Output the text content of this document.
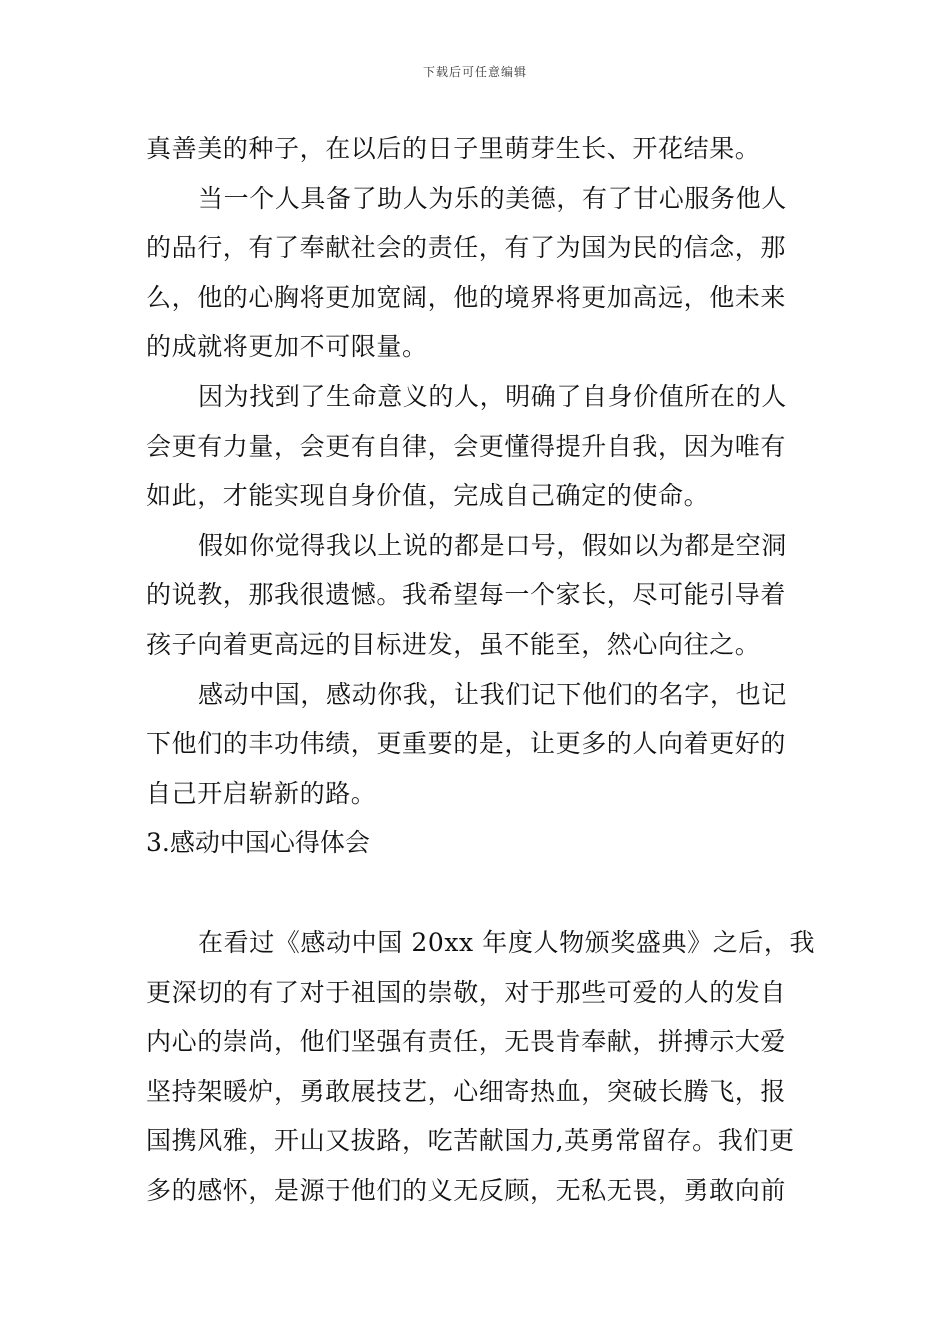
下载后可任意编辑
真善美的种子，在以后的日子里萌芽生长、开花结果。
当一个人具备了助人为乐的美德，有了甘心服务他人
的品行，有了奉献社会的责任，有了为国为民的信念，那
么，他的心胸将更加宽阔，他的境界将更加高远，他未来
的成就将更加不可限量。
因为找到了生命意义的人，明确了自身价值所在的人
会更有力量，会更有自律，会更懂得提升自我，因为唯有
如此，才能实现自身价值，完成自己确定的使命。
假如你觉得我以上说的都是口号，假如以为都是空洞
的说教，那我很遗憾。我希望每一个家长，尽可能引导着
孩子向着更高远的目标进发，虽不能至，然心向往之。
感动中国，感动你我，让我们记下他们的名字，也记
下他们的丰功伟绩，更重要的是，让更多的人向着更好的
自己开启崭新的路。
3.感动中国心得体会
在看过《感动中国 20xx 年度人物颁奖盛典》之后，我
更深切的有了对于祖国的崇敬，对于那些可爱的人的发自
内心的崇尚，他们坚强有责任，无畏肯奉献，拼搏示大爱
坚持架暖炉，勇敢展技艺，心细寄热血，突破长腾飞，报
国携风雅，开山又拔路，吃苦献国力,英勇常留存。我们更
多的感怀，是源于他们的义无反顾，无私无畏，勇敢向前
